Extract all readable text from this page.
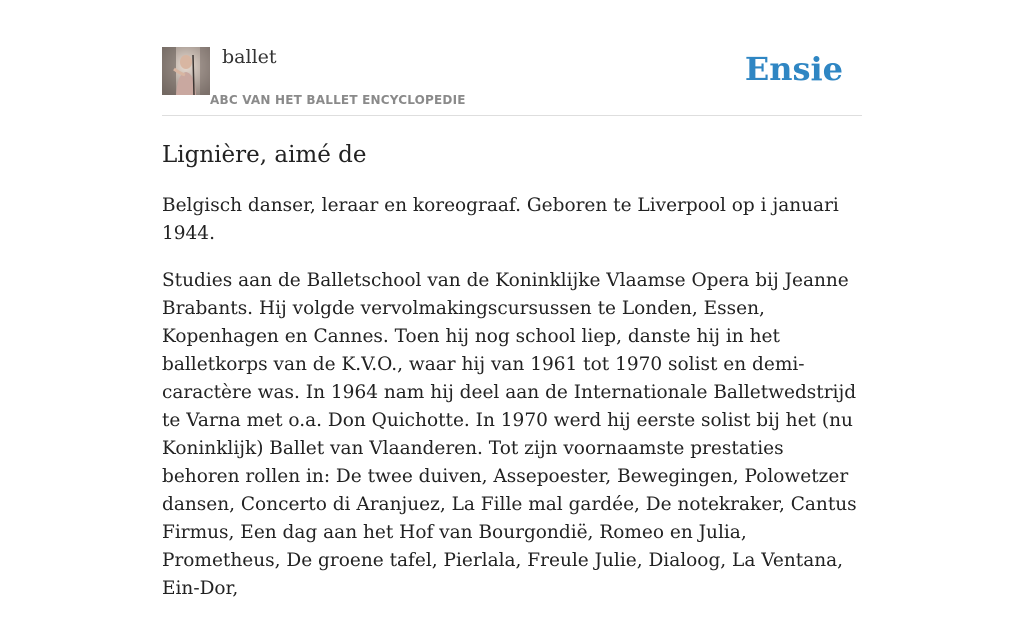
ballet
ABC VAN HET BALLET ENCYCLOPEDIE
Ensie
Lignière, aimé de

Belgisch danser, leraar en koreograaf. Geboren te Liverpool op i januari 1944.

Studies aan de Balletschool van de Koninklijke Vlaamse Opera bij Jeanne Brabants. Hij volgde vervolmakingscursussen te Londen, Essen, Kopenhagen en Cannes. Toen hij nog school liep, danste hij in het balletkorps van de K.V.O., waar hij van 1961 tot 1970 solist en demi-caractère was. In 1964 nam hij deel aan de Internationale Balletwedstrijd te Varna met o.a. Don Quichotte. In 1970 werd hij eerste solist bij het (nu Koninklijk) Ballet van Vlaanderen. Tot zijn voornaamste prestaties behoren rollen in: De twee duiven, Assepoester, Bewegingen, Polowetzer dansen, Concerto di Aranjuez, La Fille mal gardée, De notekraker, Cantus Firmus, Een dag aan het Hof van Bourgondië, Romeo en Julia, Prometheus, De groene tafel, Pierlala, Freule Julie, Dialoog, La Ventana, Ein-Dor,
